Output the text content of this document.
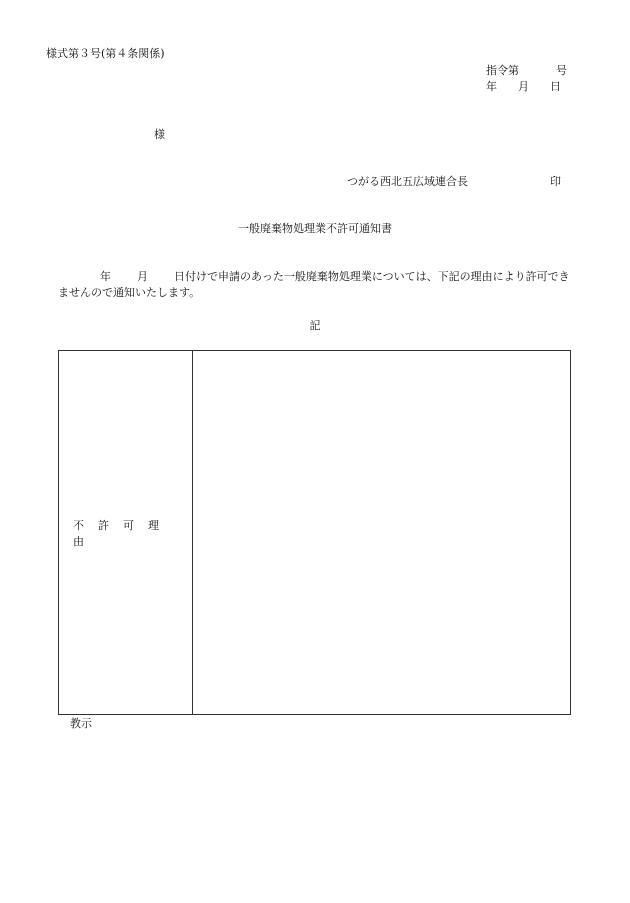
様式第３号(第４条関係)
指令第	号
年 月 日
様
つがる西北五広域連合長	印
一般廃棄物処理業不許可通知書
年 月 日付けで申請のあった一般廃棄物処理業については、下記の理由により許可できませんので通知いたします。
記
不許可理由
教示
